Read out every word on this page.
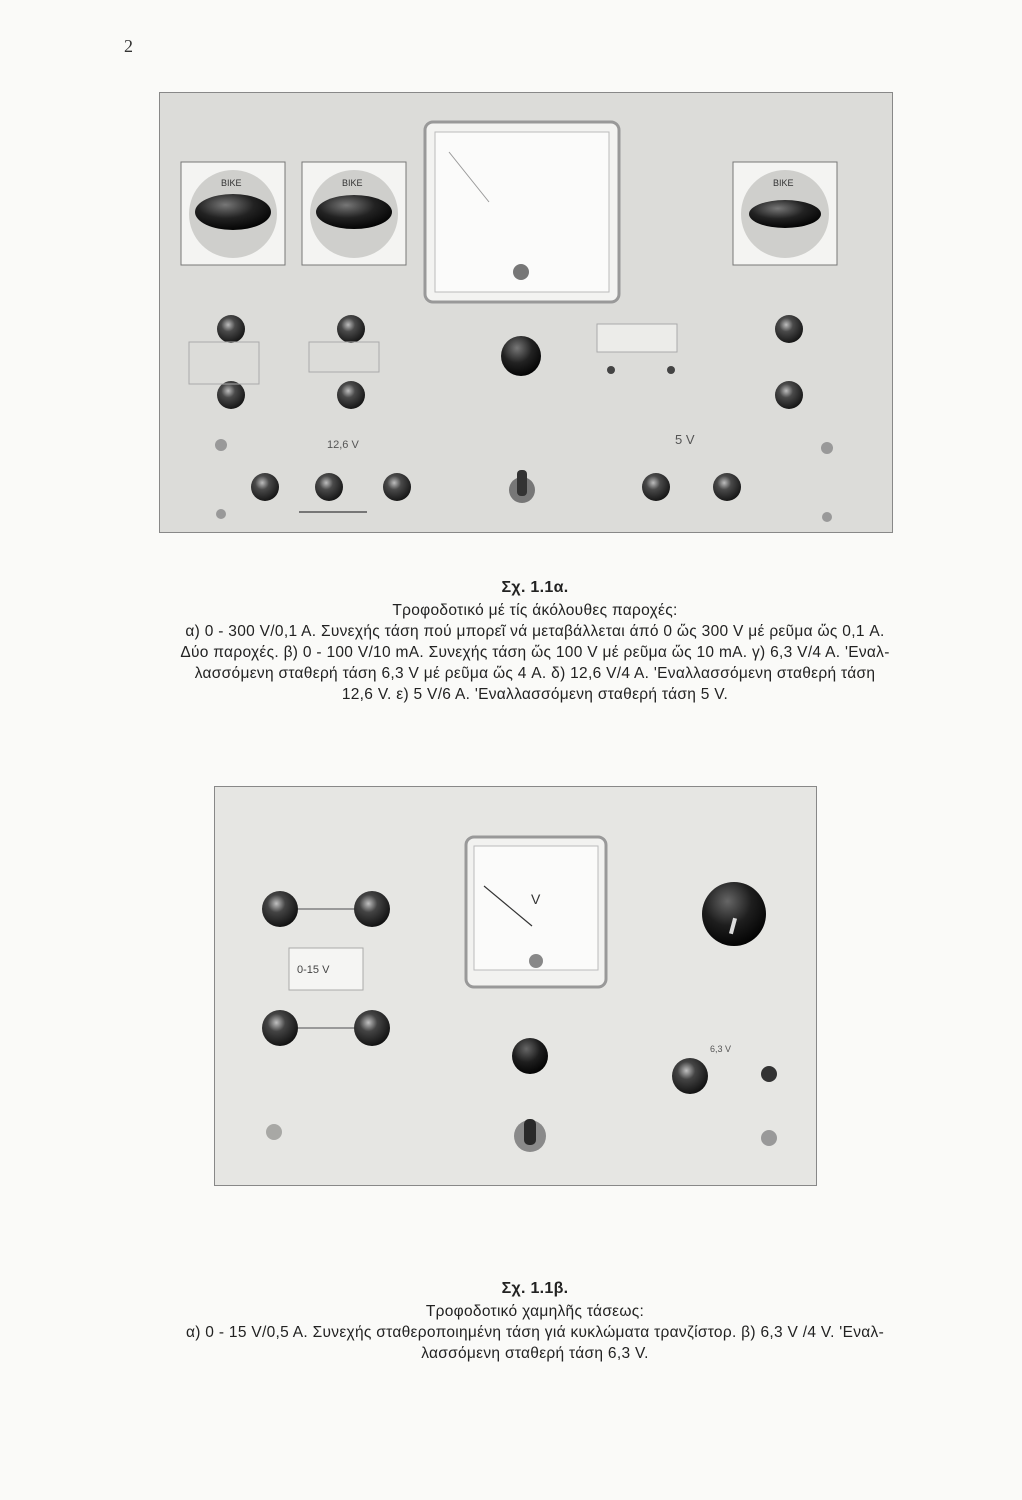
2
BIKE	BIKE	BIKE
12,6 V	5 V
Σχ. 1.1α.

Τροφοδοτικό μέ τίς άκόλουθες παροχές:

α) 0 - 300 V/0,1 A. Συνεχής τάση πού μπορεῖ νά μεταβάλλεται άπό 0 ὥς 300 V μέ ρεῦμα ὥς 0,1 A.

Δύο παροχές. β) 0 - 100 V/10 mA. Συνεχής τάση ὥς 100 V μέ ρεῦμα ὥς 10 mA. γ) 6,3 V/4 A. 'Εναλ-

λασσόμενη σταθερή τάση 6,3 V μέ ρεῦμα ὥς 4 A. δ) 12,6 V/4 A. 'Εναλλασσόμενη σταθερή τάση

12,6 V. ε) 5 V/6 A. 'Εναλλασσόμενη σταθερή τάση 5 V.

0-15 V
V
6,3 V
Σχ. 1.1β.

Τροφοδοτικό χαμηλῆς τάσεως:

α) 0 - 15 V/0,5 A. Συνεχής σταθεροποιημένη τάση γιά κυκλώματα τρανζίστορ. β) 6,3 V /4 V. 'Εναλ-

λασσόμενη σταθερή τάση 6,3 V.
